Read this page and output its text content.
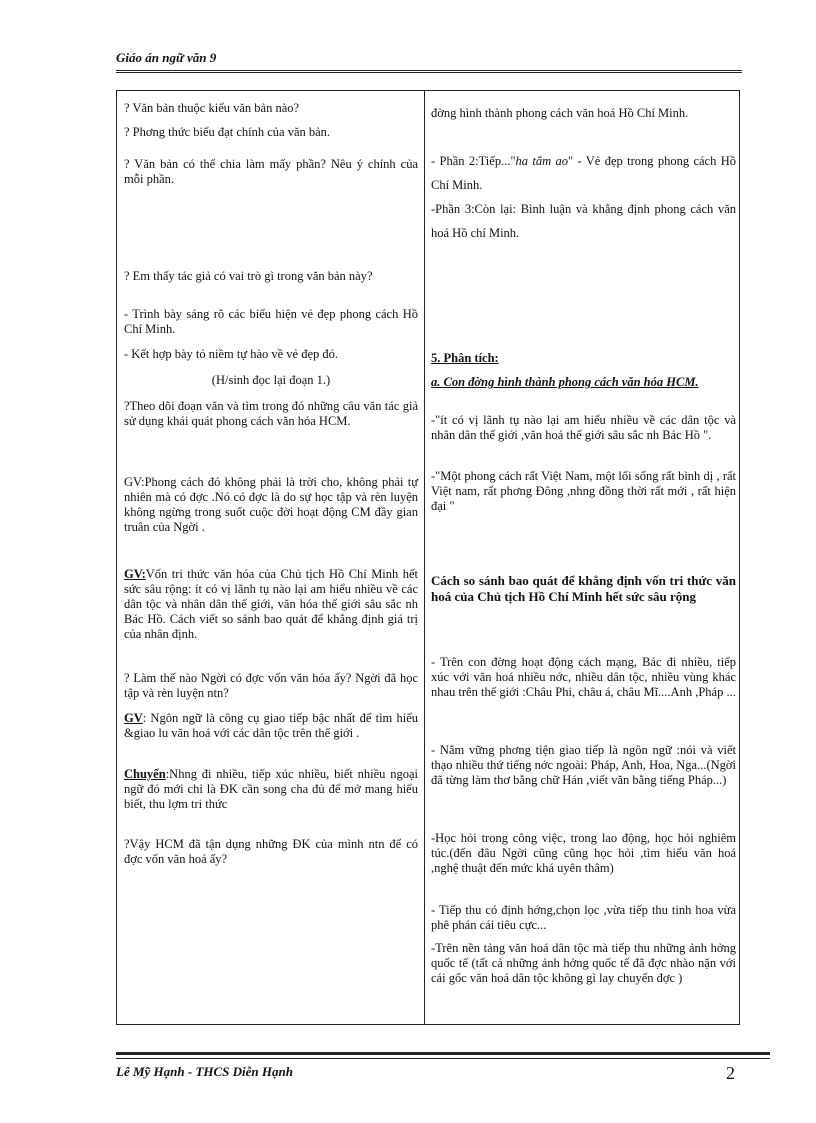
Giáo án ngữ văn 9
? Văn bản thuộc kiểu văn bản nào?
? Phơng thức biểu đạt chính của văn bản.
? Văn bản có thể chia làm mấy phần? Nêu ý chính của mỗi phần.
? Em thấy tác giả có vai trò gì trong văn bản này?
- Trình bày sáng rõ các biểu hiện vẻ đẹp phong cách Hồ Chí Minh.
- Kết hợp bày tỏ niềm tự hào về vẻ đẹp đó.
(H/sinh đọc lại đoạn 1.)
?Theo dõi đoạn văn và tìm trong đó những câu văn tác giả sử dụng khái quát phong cách văn hóa HCM.
GV:Phong cách đó không phải là trời cho, không phải tự nhiên mà có đợc .Nó có đợc là do sự học tập và rèn luyện không ngừng trong suốt cuộc đời hoạt động CM đầy gian truân của Ngời .
GV:Vốn tri thức văn hóa của Chủ tịch Hồ Chí Minh hết sức sâu rộng: ít có vị lãnh tụ nào lại am hiểu nhiều về các dân tộc và nhân dân thế giới, văn hóa thế giới sâu sắc nh Bác Hồ. Cách viết so sánh bao quát để khẳng định giá trị của nhân định.
? Làm thế nào Ngời có đợc vốn văn hóa ấy? Ngời đã học tập và rèn luyện ntn?
GV: Ngôn ngữ là công cụ giao tiếp bậc nhất để tìm hiểu &giao lu văn hoá với các dân tộc trên thế giới .
Chuyển:Nhng đi nhiều, tiếp xúc nhiều, biết nhiều ngoại ngữ đó mới chỉ là ĐK cần song cha đủ để mở mang hiểu biết, thu lợm tri thức
?Vậy HCM đã tận dụng những ĐK của mình ntn để có đợc vốn văn hoá ấy?
đờng hình thành phong cách văn hoá Hồ Chí Minh.
- Phần 2:Tiếp..."ha tắm ao" - Vẻ đẹp trong phong cách Hồ Chí Minh.
-Phần 3:Còn lại: Bình luận và khẳng định phong cách văn hoá Hồ chí Minh.
5. Phân tích:
a. Con đờng hình thành phong cách văn hóa HCM.
-"ít có vị lãnh tụ nào lại am hiểu nhiều về các dân tộc và nhân dân thế giới ,văn hoá thế giới sâu sắc nh Bác Hồ ".
-"Một phong cách rất Việt Nam, một lối sống rất bình dị , rất Việt nam, rất phơng Đông ,nhng đồng thời rất mới , rất hiện đại "
Cách so sánh bao quát để khẳng định vốn tri thức văn hoá của Chủ tịch Hồ Chí Minh hết sức sâu rộng
- Trên con đờng hoạt động cách mạng, Bác đi nhiều, tiếp xúc với văn hoá nhiều nớc, nhiều dân tộc, nhiều vùng khác nhau trên thế giới :Châu Phi, châu á, châu Mĩ....Anh ,Pháp ...
- Nắm vững phơng tiện giao tiếp là ngôn ngữ :nói và viết thạo nhiều thứ tiếng nớc ngoài: Pháp, Anh, Hoa, Nga...(Ngời đã từng làm thơ bằng chữ Hán ,viết văn bằng tiếng Pháp...)
-Học hỏi trong công việc, trong lao động, học hỏi nghiêm túc.(đến đâu Ngời cũng cũng học hỏi ,tìm hiểu văn hoá ,nghệ thuật đến mức khá uyên thâm)
- Tiếp thu có định hớng,chọn lọc ,vừa tiếp thu tinh hoa vừa phê phán cái tiêu cực...
-Trên nền tảng văn hoá dân tộc mà tiếp thu những ảnh hởng quốc tế (tất cả những ảnh hởng quốc tế đã đợc nhào nặn với cái gốc văn hoá dân tộc không gì lay chuyển đợc )
Lê Mỹ Hạnh - THCS Diễn Hạnh	2
